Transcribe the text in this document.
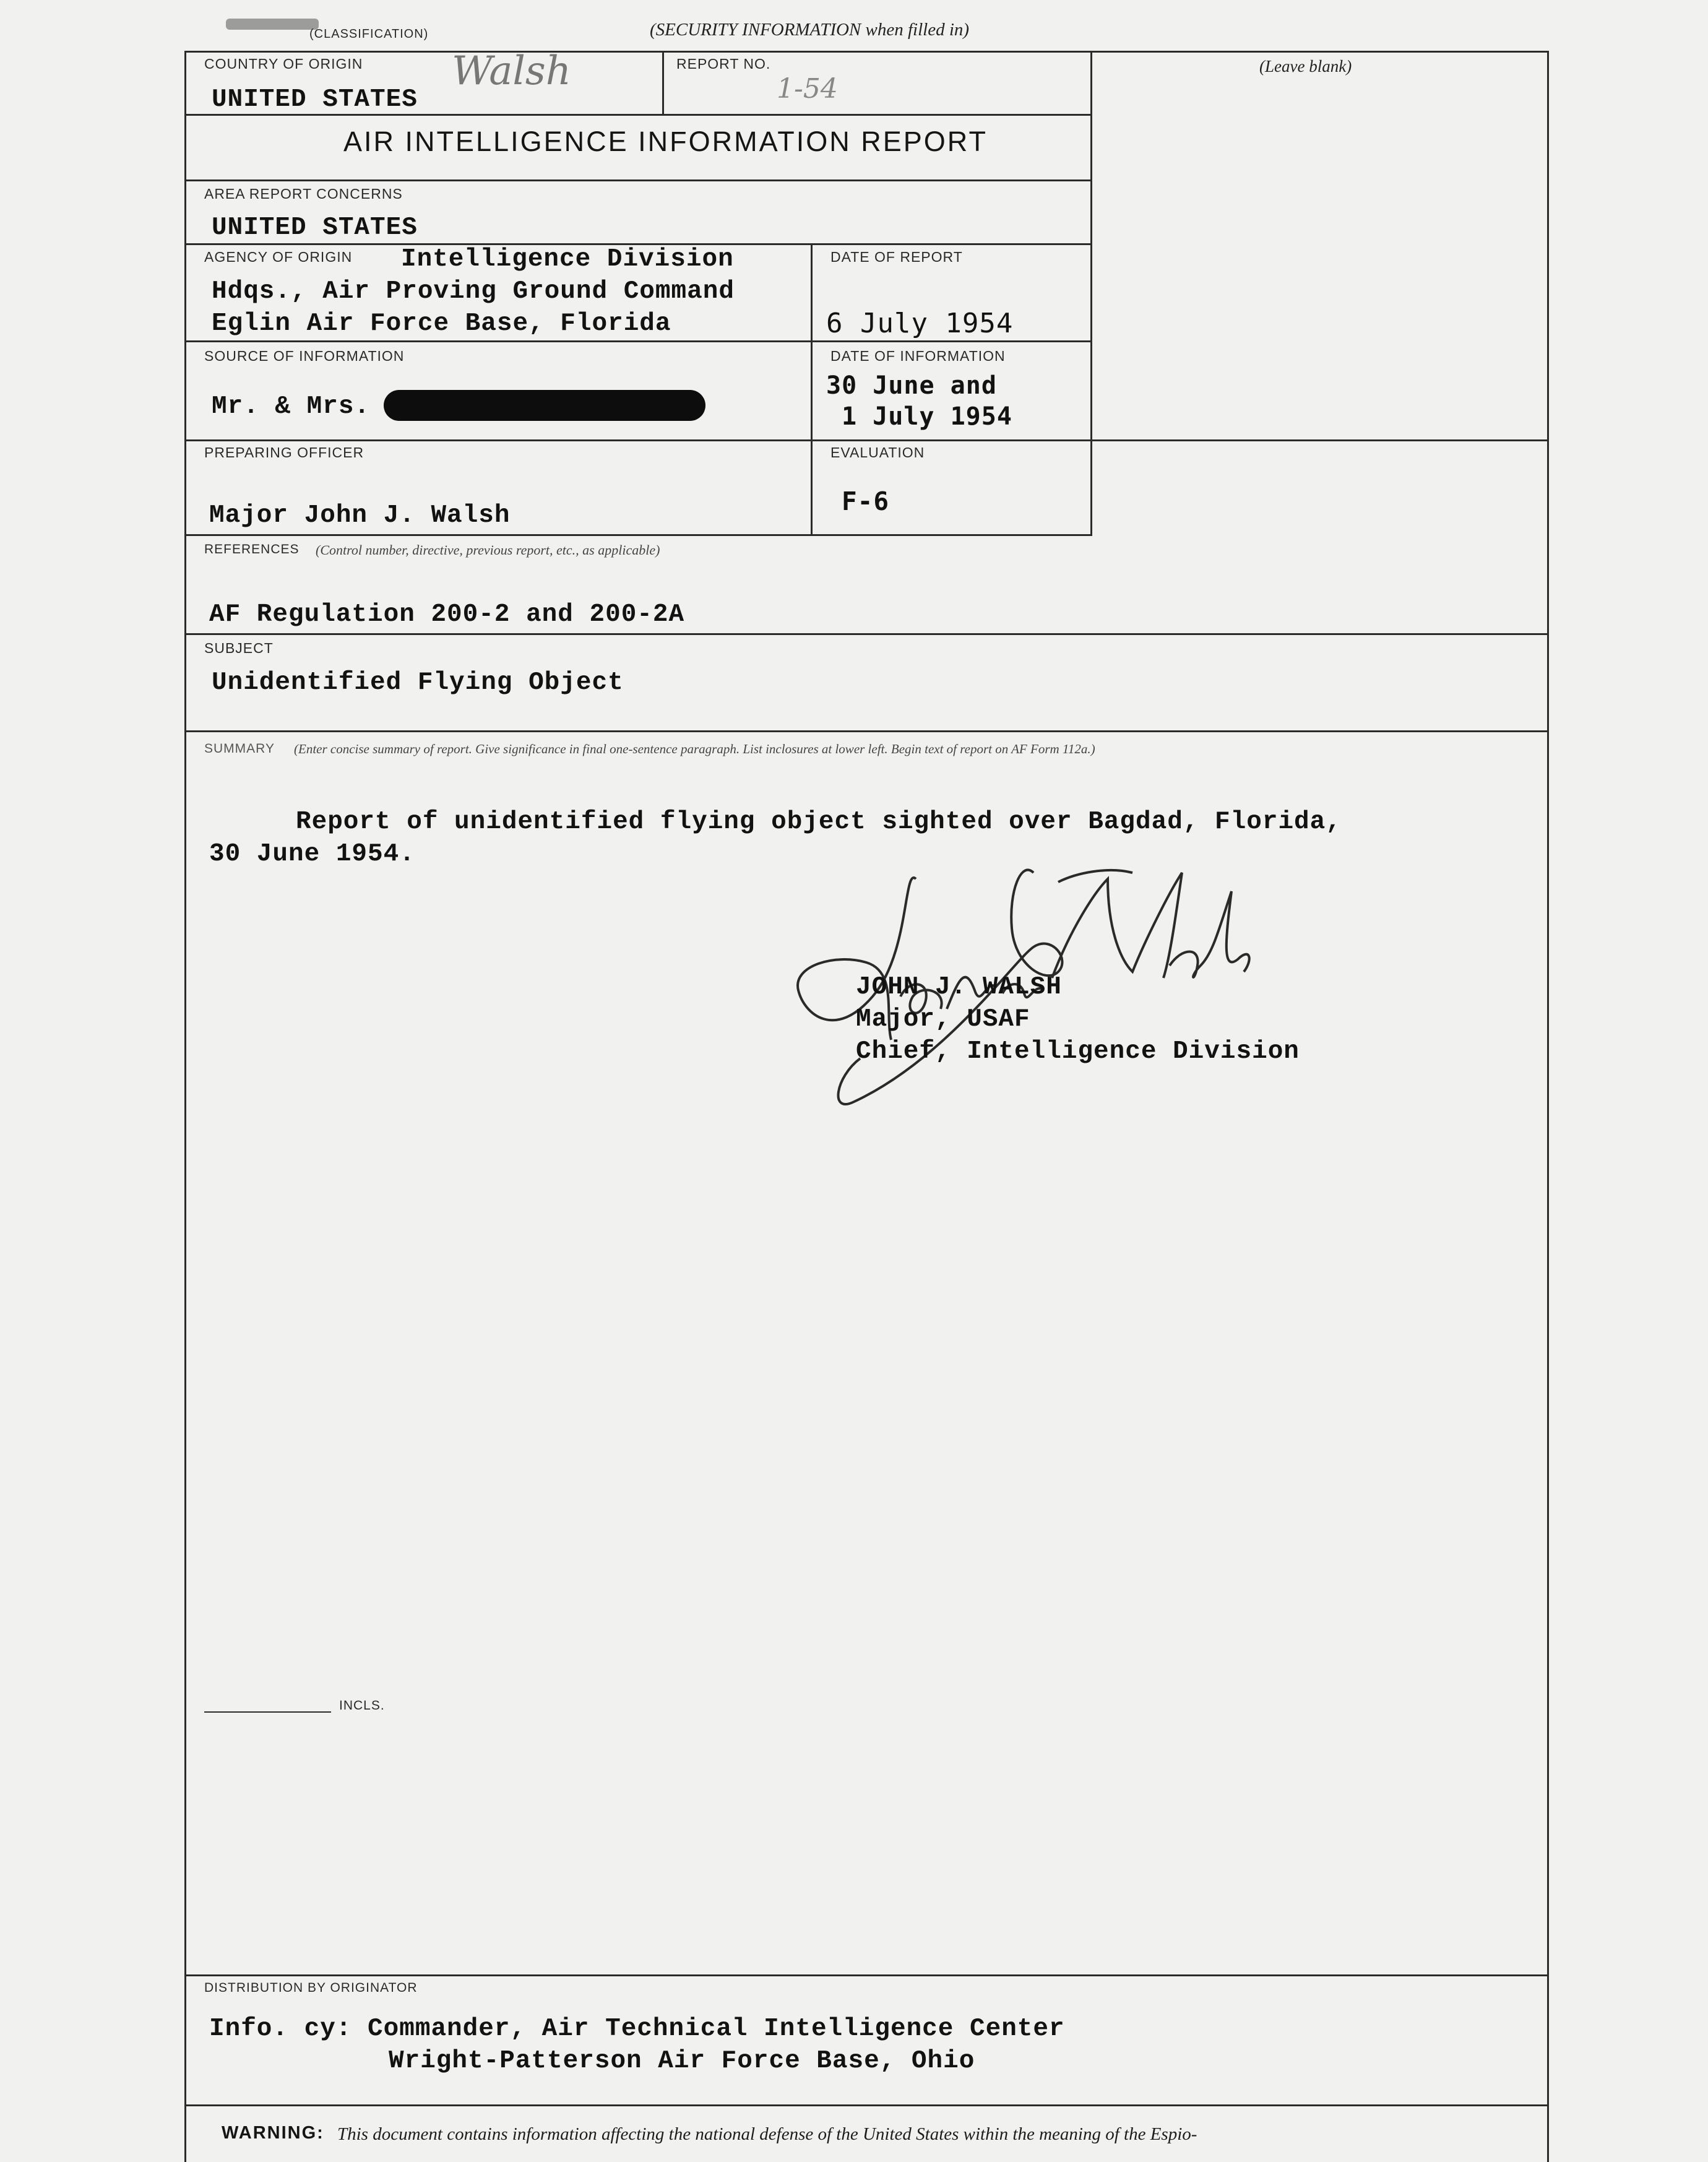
(CLASSIFICATION)	(SECURITY INFORMATION when filled in)
(Leave blank)
COUNTRY OF ORIGIN
UNITED STATES
Walsh	REPORT NO.
1-54
AIR INTELLIGENCE INFORMATION REPORT
AREA REPORT CONCERNS
UNITED STATES
AGENCY OF ORIGIN Intelligence Division
Hdqs., Air Proving Ground Command
Eglin Air Force Base, Florida
DATE OF REPORT
6 July 1954
SOURCE OF INFORMATION
Mr. & Mrs.
DATE OF INFORMATION
30 June and
1 July 1954
PREPARING OFFICER
Major John J. Walsh
EVALUATION
F-6
REFERENCES (Control number, directive, previous report, etc., as applicable)
AF Regulation 200-2 and 200-2A
SUBJECT
Unidentified Flying Object
SUMMARY (Enter concise summary of report. Give significance in final one-sentence paragraph. List inclosures at lower left. Begin text of report on AF Form 112a.)
Report of unidentified flying object sighted over Bagdad, Florida,
30 June 1954.	John J Walsh
JOHN J. WALSH
Major, USAF
Chief, Intelligence Division
INCLS.
DISTRIBUTION BY ORIGINATOR
Info. cy: Commander, Air Technical Intelligence Center
Wright-Patterson Air Force Base, Ohio
WARNING: This document contains information affecting the national defense of the United States within the meaning of the Espio-
